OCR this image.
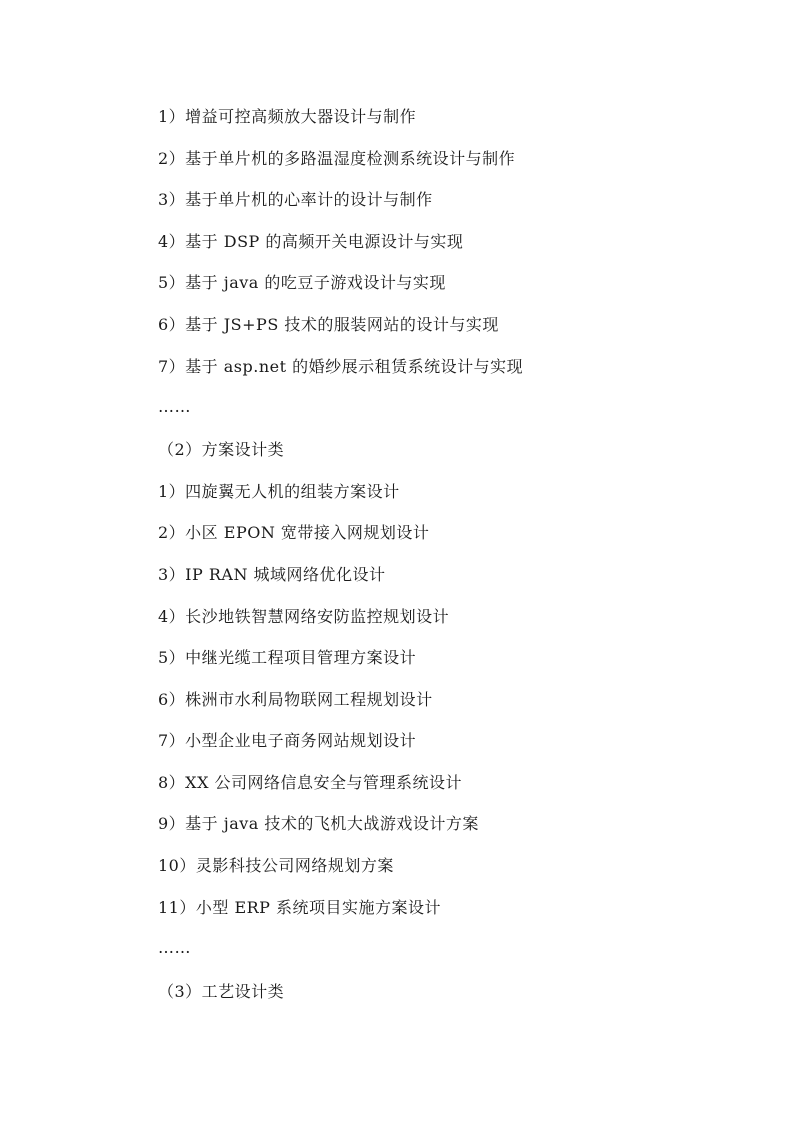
1）增益可控高频放大器设计与制作
2）基于单片机的多路温湿度检测系统设计与制作
3）基于单片机的心率计的设计与制作
4）基于 DSP 的高频开关电源设计与实现
5）基于 java 的吃豆子游戏设计与实现
6）基于 JS+PS 技术的服装网站的设计与实现
7）基于 asp.net 的婚纱展示租赁系统设计与实现
……
（2）方案设计类
1）四旋翼无人机的组装方案设计
2）小区 EPON 宽带接入网规划设计
3）IP RAN 城域网络优化设计
4）长沙地铁智慧网络安防监控规划设计
5）中继光缆工程项目管理方案设计
6）株洲市水利局物联网工程规划设计
7）小型企业电子商务网站规划设计
8）XX 公司网络信息安全与管理系统设计
9）基于 java 技术的飞机大战游戏设计方案
10）灵影科技公司网络规划方案
11）小型 ERP 系统项目实施方案设计
……
（3）工艺设计类
